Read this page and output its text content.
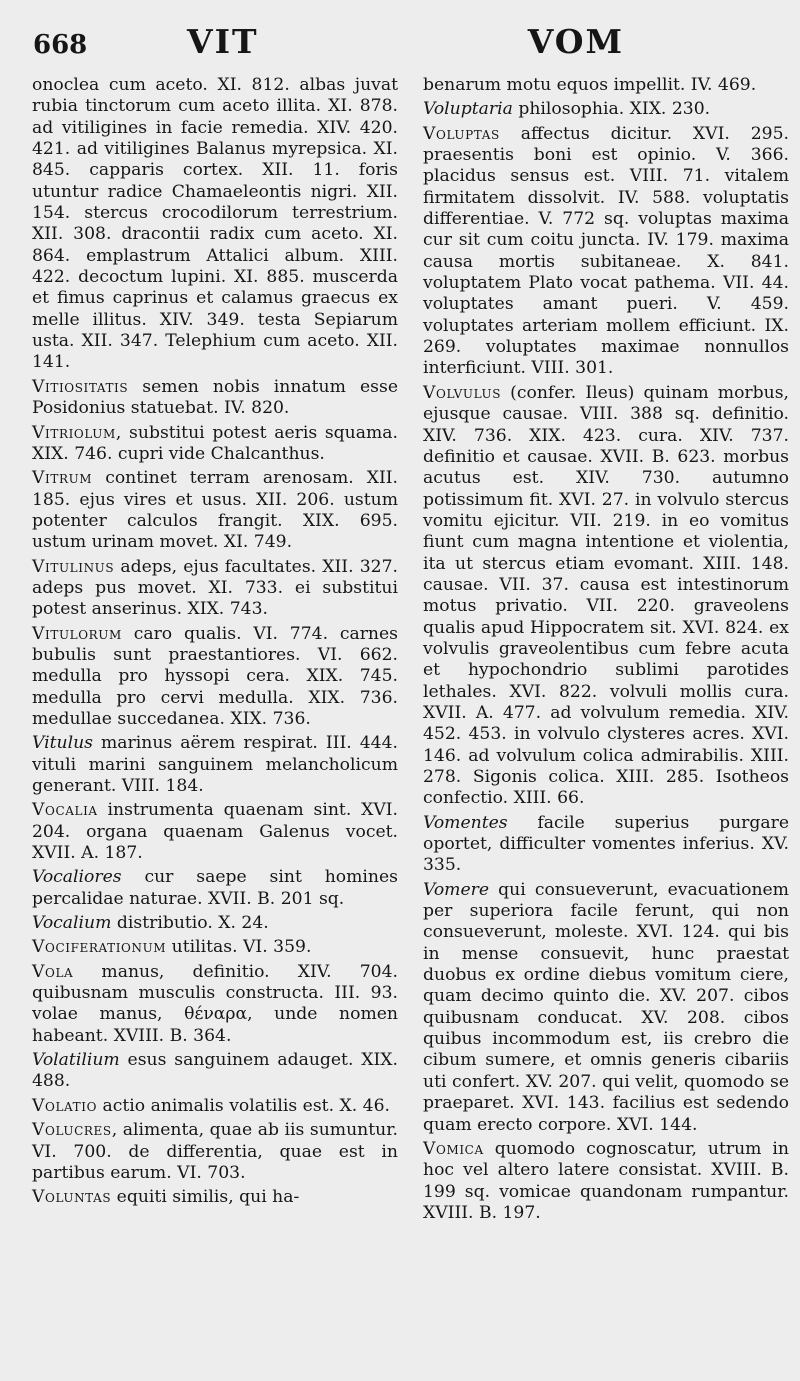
668	VIT	VOM

onoclea cum aceto. XI. 812. albas juvat rubia tinctorum cum aceto illita. XI. 878. ad vitiligines in facie remedia. XIV. 420. 421. ad vitiligines Balanus myrepsica. XI. 845. capparis cortex. XII. 11. foris utuntur radice Chamaeleontis nigri. XII. 154. stercus crocodilorum terrestrium. XII. 308. dracontii radix cum aceto. XI. 864. emplastrum Attalici album. XIII. 422. decoctum lupini. XI. 885. muscerda et fimus caprinus et calamus graecus ex melle illitus. XIV. 349. testa Sepiarum usta. XII. 347. Telephium cum aceto. XII. 141.

Vitiositatis semen nobis innatum esse Posidonius statuebat. IV. 820.

Vitriolum, substitui potest aeris squama. XIX. 746. cupri vide Chalcanthus.

Vitrum continet terram arenosam. XII. 185. ejus vires et usus. XII. 206. ustum potenter calculos frangit. XIX. 695. ustum urinam movet. XI. 749.

Vitulinus adeps, ejus facultates. XII. 327. adeps pus movet. XI. 733. ei substitui potest anserinus. XIX. 743.

Vitulorum caro qualis. VI. 774. carnes bubulis sunt praestantiores. VI. 662. medulla pro hyssopi cera. XIX. 745. medulla pro cervi medulla. XIX. 736. medullae succedanea. XIX. 736.

Vitulus marinus aërem respirat. III. 444. vituli marini sanguinem melancholicum generant. VIII. 184.

Vocalia instrumenta quaenam sint. XVI. 204. organa quaenam Galenus vocet. XVII. A. 187.

Vocaliores cur saepe sint homines percalidae naturae. XVII. B. 201 sq.

Vocalium distributio. X. 24.

Vociferationum utilitas. VI. 359.

Vola manus, definitio. XIV. 704. quibusnam musculis constructa. III. 93. volae manus, θέναρα, unde nomen habeant. XVIII. B. 364.

Volatilium esus sanguinem adauget. XIX. 488.

Volatio actio animalis volatilis est. X. 46.

Volucres, alimenta, quae ab iis sumuntur. VI. 700. de differentia, quae est in partibus earum. VI. 703.

Voluntas equiti similis, qui ha-

benarum motu equos impellit. IV. 469.

Voluptaria philosophia. XIX. 230.

Voluptas affectus dicitur. XVI. 295. praesentis boni est opinio. V. 366. placidus sensus est. VIII. 71. vitalem firmitatem dissolvit. IV. 588. voluptatis differentiae. V. 772 sq. voluptas maxima cur sit cum coitu juncta. IV. 179. maxima causa mortis subitaneae. X. 841. voluptatem Plato vocat pathema. VII. 44. voluptates amant pueri. V. 459. voluptates arteriam mollem efficiunt. IX. 269. voluptates maximae nonnullos interficiunt. VIII. 301.

Volvulus (confer. Ileus) quinam morbus, ejusque causae. VIII. 388 sq. definitio. XIV. 736. XIX. 423. cura. XIV. 737. definitio et causae. XVII. B. 623. morbus acutus est. XIV. 730. autumno potissimum fit. XVI. 27. in volvulo stercus vomitu ejicitur. VII. 219. in eo vomitus fiunt cum magna intentione et violentia, ita ut stercus etiam evomant. XIII. 148. causae. VII. 37. causa est intestinorum motus privatio. VII. 220. graveolens qualis apud Hippocratem sit. XVI. 824. ex volvulis graveolentibus cum febre acuta et hypochondrio sublimi parotides lethales. XVI. 822. volvuli mollis cura. XVII. A. 477. ad volvulum remedia. XIV. 452. 453. in volvulo clysteres acres. XVI. 146. ad volvulum colica admirabilis. XIII. 278. Sigonis colica. XIII. 285. Isotheos confectio. XIII. 66.

Vomentes facile superius purgare oportet, difficulter vomentes inferius. XV. 335.

Vomere qui consueverunt, evacuationem per superiora facile ferunt, qui non consueverunt, moleste. XVI. 124. qui bis in mense consuevit, hunc praestat duobus ex ordine diebus vomitum ciere, quam decimo quinto die. XV. 207. cibos quibusnam conducat. XV. 208. cibos quibus incommodum est, iis crebro die cibum sumere, et omnis generis cibariis uti confert. XV. 207. qui velit, quomodo se praeparet. XVI. 143. facilius est sedendo quam erecto corpore. XVI. 144.

Vomica quomodo cognoscatur, utrum in hoc vel altero latere consistat. XVIII. B. 199 sq. vomicae quandonam rumpantur. XVIII. B. 197.
